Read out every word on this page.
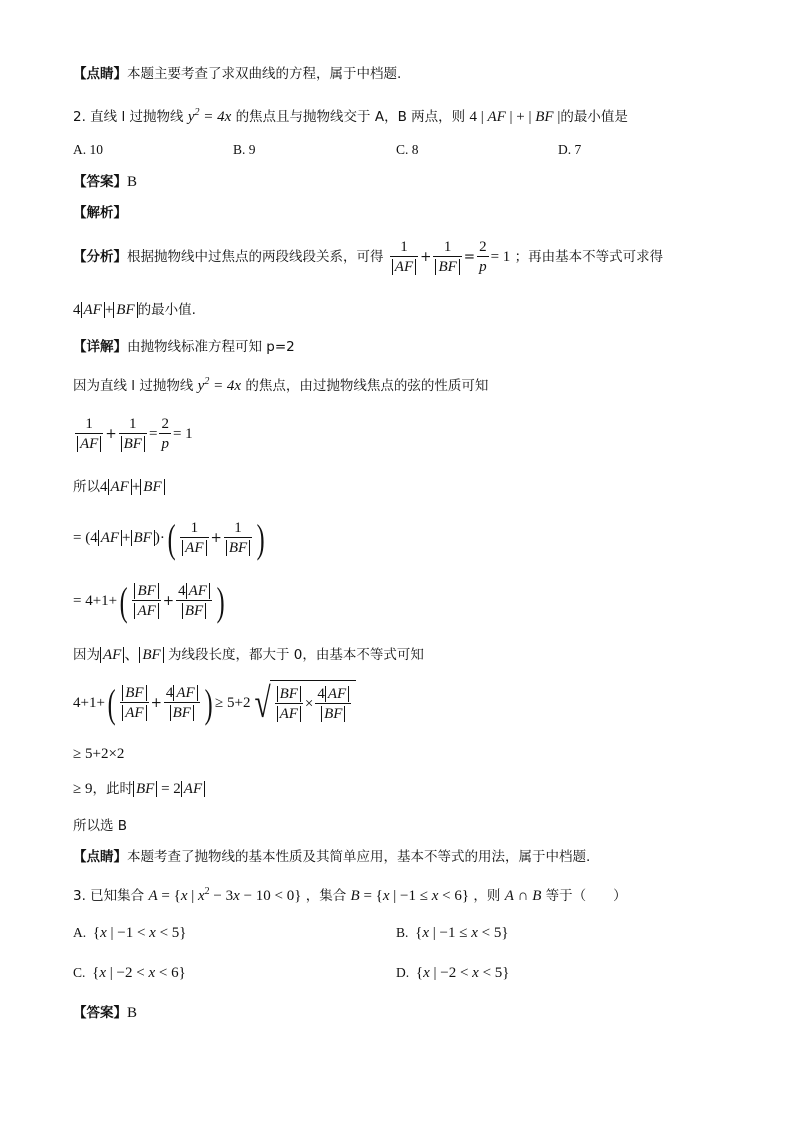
【点睛】本题主要考查了求双曲线的方程，属于中档题.
2. 直线 l 过抛物线 $y^2 = 4x$ 的焦点且与抛物线交于 A，B 两点，则 4 | AF | + | BF |的最小值是
A. 10	B. 9	C. 8	D. 7
【答案】B
【解析】
【分析】根据抛物线中过焦点的两段线段关系，可得 $\frac{1}{AF} + \frac{1}{BF} = \frac{2}{p} = 1$ ；再由基本不等式可求得
4 AF + BF 的最小值.
【详解】由抛物线标准方程可知 p=2
因为直线 l 过抛物线 $y^2 = 4x$ 的焦点，由过抛物线焦点的弦的性质可知
$\frac{1}{AF} + \frac{1}{BF} = \frac{2}{p} = 1$
所以4 AF + BF
= (4 AF + BF )·( $\frac{1}{AF} + \frac{1}{BF}$ )
= $4+1+( \frac{BF}{AF} + \frac{4 AF}{BF}$ )
因为 AF 、 BF 为线段长度，都大于 0，由基本不等式可知
$4+1+( \frac{BF}{AF} + \frac{4 AF}{BF}$ ) ≥ $5+2√ \frac{BF}{AF} \times \frac{4 AF}{BF}$
≥ 5+2×2
≥ 9，此时 BF = 2 AF
所以选 B
【点睛】本题考查了抛物线的基本性质及其简单应用，基本不等式的用法，属于中档题.
3. 已知集合 A = {x | $x^2 - 3x - 10 < 0$} ，集合 B = {x | −1 ≤ x < 6} ，则 A ∩ B 等于（　　）
A. {x | −1 < x < 5}	B. {x | −1 ≤ x < 5}
C. {x | −2 < x < 6}	D. {x | −2 < x < 5}
【答案】B
